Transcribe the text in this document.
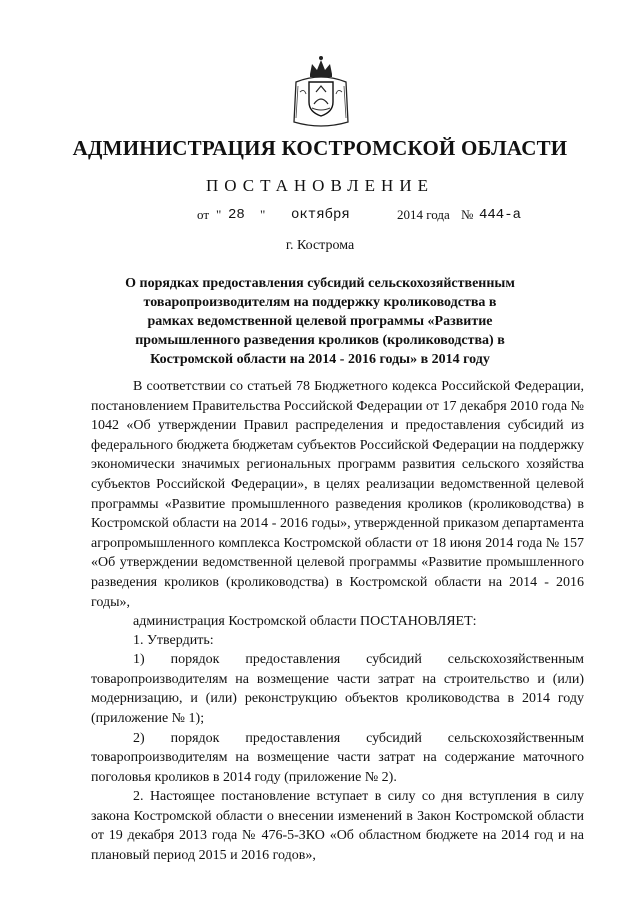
АДМИНИСТРАЦИЯ КОСТРОМСКОЙ ОБЛАСТИ
ПОСТАНОВЛЕНИЕ
от " 28 " октября	2014 года № 444-а
г. Кострома

О порядках предоставления субсидий сельскохозяйственным товаропроизводителям на поддержку кролиководства в рамках ведомственной целевой программы «Развитие промышленного разведения кроликов (кролиководства) в Костромской области на 2014 - 2016 годы» в 2014 году

В соответствии со статьей 78 Бюджетного кодекса Российской Федерации, постановлением Правительства Российской Федерации от 17 декабря 2010 года № 1042 «Об утверждении Правил распределения и предоставления субсидий из федерального бюджета бюджетам субъектов Российской Федерации на поддержку экономически значимых региональных программ развития сельского хозяйства субъектов Российской Федерации», в целях реализации ведомственной целевой программы «Развитие промышленного разведения кроликов (кролиководства) в Костромской области на 2014 - 2016 годы», утвержденной приказом департамента агропромышленного комплекса Костромской области от 18 июня 2014 года № 157 «Об утверждении ведомственной целевой программы «Развитие промышленного разведения кроликов (кролиководства) в Костромской области на 2014 - 2016 годы»,

администрация Костромской области ПОСТАНОВЛЯЕТ:

1. Утвердить:

1) порядок предоставления субсидий сельскохозяйственным товаропроизводителям на возмещение части затрат на строительство и (или) модернизацию, и (или) реконструкцию объектов кролиководства в 2014 году (приложение № 1);

2) порядок предоставления субсидий сельскохозяйственным товаропроизводителям на возмещение части затрат на содержание маточного поголовья кроликов в 2014 году (приложение № 2).

2. Настоящее постановление вступает в силу со дня вступления в силу закона Костромской области о внесении изменений в Закон Костромской области от 19 декабря 2013 года № 476-5-ЗКО «Об областном бюджете на 2014 год и на плановый период 2015 и 2016 годов»,
